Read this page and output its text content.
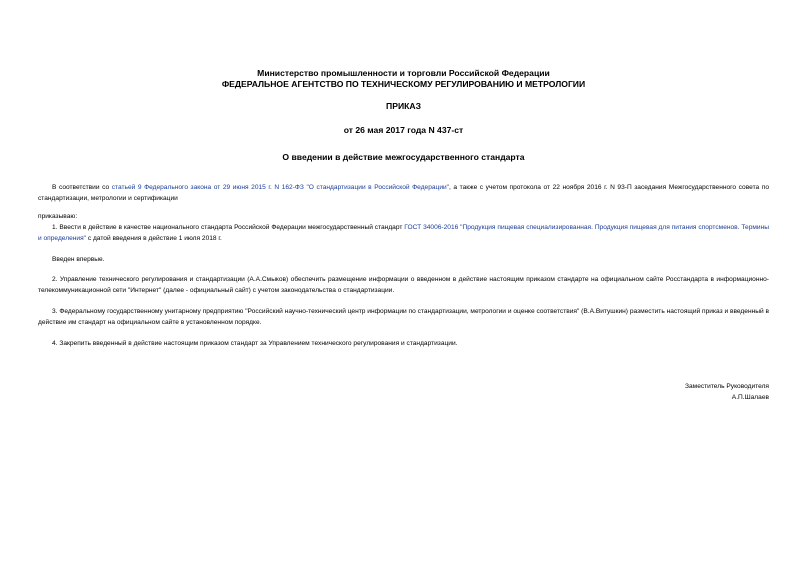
Министерство промышленности и торговли Российской Федерации
ФЕДЕРАЛЬНОЕ АГЕНТСТВО ПО ТЕХНИЧЕСКОМУ РЕГУЛИРОВАНИЮ И МЕТРОЛОГИИ
ПРИКАЗ
от 26 мая 2017 года N 437-ст
О введении в действие межгосударственного стандарта
В соответствии со статьей 9 Федерального закона от 29 июня 2015 г. N 162-ФЗ "О стандартизации в Российской Федерации", а также с учетом протокола от 22 ноября 2016 г. N 93-П заседания Межгосударственного совета по стандартизации, метрологии и сертификации
приказываю:
1. Ввести в действие в качестве национального стандарта Российской Федерации межгосударственный стандарт ГОСТ 34006-2016 "Продукция пищевая специализированная. Продукция пищевая для питания спортсменов. Термины и определения" с датой введения в действие 1 июля 2018 г.
Введен впервые.
2. Управление технического регулирования и стандартизации (А.А.Смыков) обеспечить размещение информации о введенном в действие настоящим приказом стандарте на официальном сайте Росстандарта в информационно-телекоммуникационной сети "Интернет" (далее - официальный сайт) с учетом законодательства о стандартизации.
3. Федеральному государственному унитарному предприятию "Российский научно-технический центр информации по стандартизации, метрологии и оценке соответствия" (В.А.Витушкин) разместить настоящий приказ и введенный в действие им стандарт на официальном сайте в установленном порядке.
4. Закрепить введенный в действие настоящим приказом стандарт за Управлением технического регулирования и стандартизации.
Заместитель Руководителя
А.П.Шалаев
